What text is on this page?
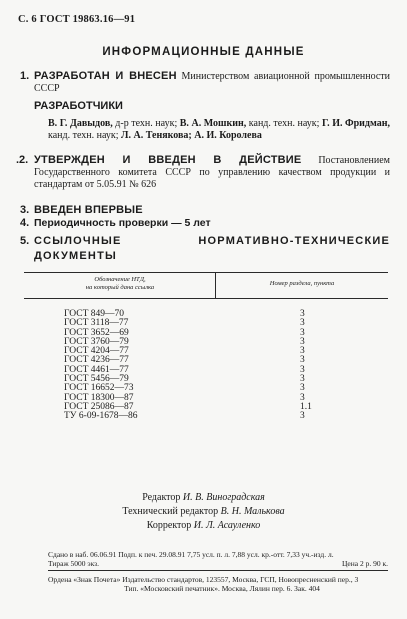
С. 6 ГОСТ 19863.16—91
ИНФОРМАЦИОННЫЕ ДАННЫЕ
1. РАЗРАБОТАН И ВНЕСЕН Министерством авиационной промышленности СССР
РАЗРАБОТЧИКИ
В. Г. Давыдов, д-р техн. наук; В. А. Мошкин, канд. техн. наук; Г. И. Фридман, канд. техн. наук; Л. А. Тенякова; А. И. Королева
.2. УТВЕРЖДЕН И ВВЕДЕН В ДЕЙСТВИЕ Постановлением Государственного комитета СССР по управлению качеством продукции и стандартам от 5.05.91 № 626
3. ВВЕДЕН ВПЕРВЫЕ
4. Периодичность проверки — 5 лет
5. ССЫЛОЧНЫЕ НОРМАТИВНО-ТЕХНИЧЕСКИЕ ДОКУМЕНТЫ
Обозначение НТД,
на который дана ссылка
Номер раздела, пункта
ГОСТ 849—70	3
ГОСТ 3118—77	3
ГОСТ 3652—69	3
ГОСТ 3760—79	3
ГОСТ 4204—77	3
ГОСТ 4236—77	3
ГОСТ 4461—77	3
ГОСТ 5456—79	3
ГОСТ 16652—73	3
ГОСТ 18300—87	3
ГОСТ 25086—87	1.1
ТУ 6-09-1678—86	3
Редактор И. В. Виноградская
Технический редактор В. Н. Малькова
Корректор И. Л. Асауленко
Сдано в наб. 06.06.91 Подп. к печ. 29.08.91 7,75 усл. п. л. 7,88 усл. кр.-отт. 7,33 уч.-изд. л.
Тираж 5000 экз.	Цена 2 р. 90 к.
Ордена «Знак Почета» Издательство стандартов, 123557, Москва, ГСП, Новопресненский пер., 3
Тип. «Московский печатник». Москва, Лялин пер. 6. Зак. 404
